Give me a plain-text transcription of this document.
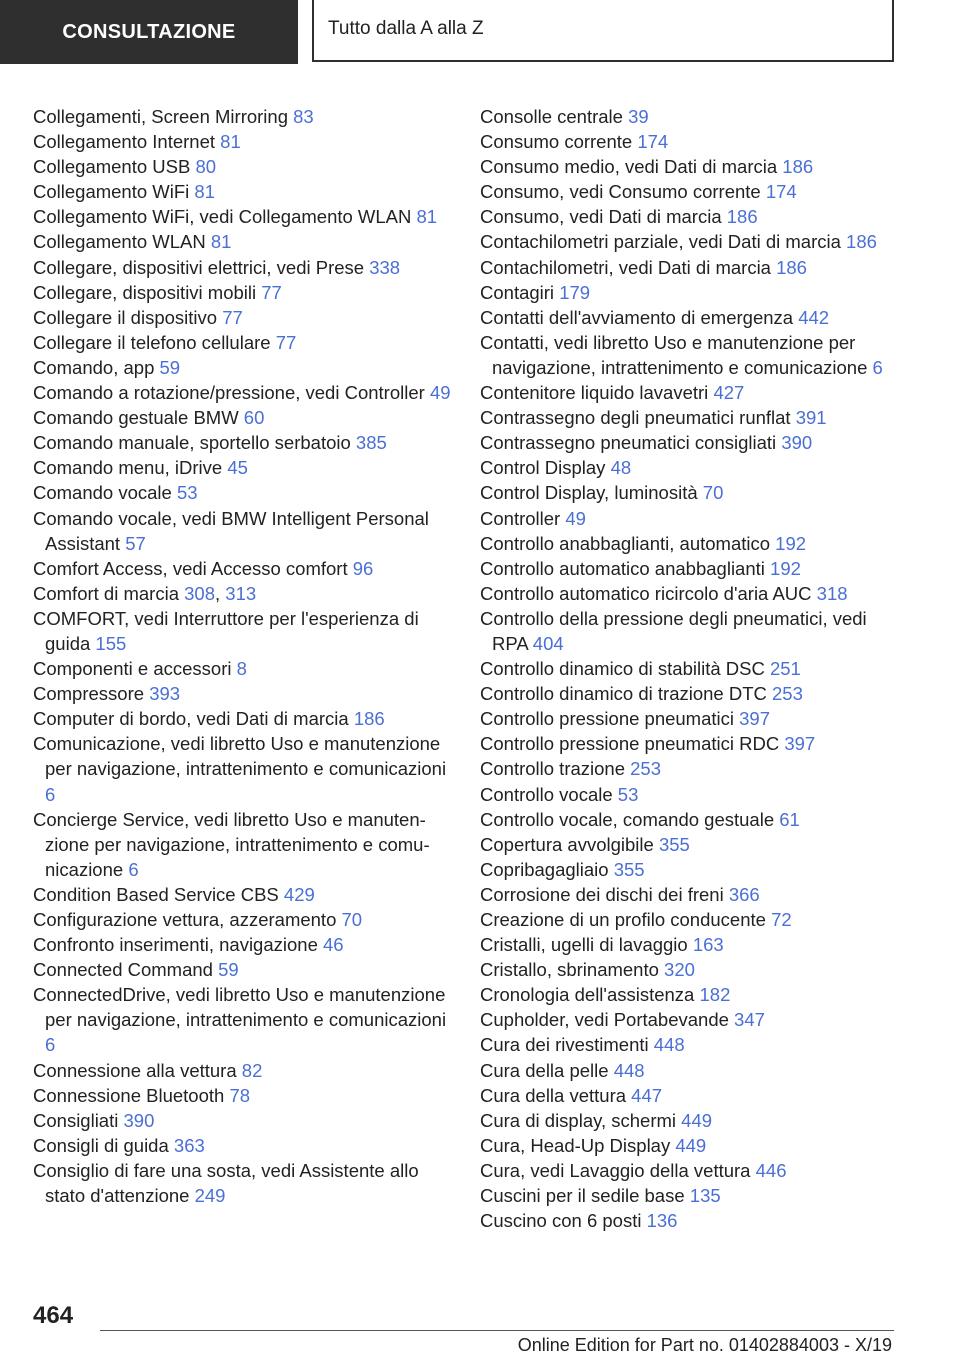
CONSULTAZIONE	Tutto dalla A alla Z
Collegamenti, Screen Mirroring 83
Collegamento Internet 81
Collegamento USB 80
Collegamento WiFi 81
Collegamento WiFi, vedi Collegamento WLAN 81
Collegamento WLAN 81
Collegare, dispositivi elettrici, vedi Prese 338
Collegare, dispositivi mobili 77
Collegare il dispositivo 77
Collegare il telefono cellulare 77
Comando, app 59
Comando a rotazione/pressione, vedi Controller 49
Comando gestuale BMW 60
Comando manuale, sportello serbatoio 385
Comando menu, iDrive 45
Comando vocale 53
Comando vocale, vedi BMW Intelligent Personal Assistant 57
Comfort Access, vedi Accesso comfort 96
Comfort di marcia 308, 313
COMFORT, vedi Interruttore per l'esperienza di guida 155
Componenti e accessori 8
Compressore 393
Computer di bordo, vedi Dati di marcia 186
Comunicazione, vedi libretto Uso e manutenzione per navigazione, intrattenimento e comunicazioni 6
Concierge Service, vedi libretto Uso e manutenzione per navigazione, intrattenimento e comunicazione 6
Condition Based Service CBS 429
Configurazione vettura, azzeramento 70
Confronto inserimenti, navigazione 46
Connected Command 59
ConnectedDrive, vedi libretto Uso e manutenzione per navigazione, intrattenimento e comunicazioni 6
Connessione alla vettura 82
Connessione Bluetooth 78
Consigliati 390
Consigli di guida 363
Consiglio di fare una sosta, vedi Assistente allo stato d'attenzione 249
Consolle centrale 39
Consumo corrente 174
Consumo medio, vedi Dati di marcia 186
Consumo, vedi Consumo corrente 174
Consumo, vedi Dati di marcia 186
Contachilometri parziale, vedi Dati di marcia 186
Contachilometri, vedi Dati di marcia 186
Contagiri 179
Contatti dell'avviamento di emergenza 442
Contatti, vedi libretto Uso e manutenzione per navigazione, intrattenimento e comunicazione 6
Contenitore liquido lavavetri 427
Contrassegno degli pneumatici runflat 391
Contrassegno pneumatici consigliati 390
Control Display 48
Control Display, luminosità 70
Controller 49
Controllo anabbaglianti, automatico 192
Controllo automatico anabbaglianti 192
Controllo automatico ricircolo d'aria AUC 318
Controllo della pressione degli pneumatici, vedi RPA 404
Controllo dinamico di stabilità DSC 251
Controllo dinamico di trazione DTC 253
Controllo pressione pneumatici 397
Controllo pressione pneumatici RDC 397
Controllo trazione 253
Controllo vocale 53
Controllo vocale, comando gestuale 61
Copertura avvolgibile 355
Copribagagliaio 355
Corrosione dei dischi dei freni 366
Creazione di un profilo conducente 72
Cristalli, ugelli di lavaggio 163
Cristallo, sbrinamento 320
Cronologia dell'assistenza 182
Cupholder, vedi Portabevande 347
Cura dei rivestimenti 448
Cura della pelle 448
Cura della vettura 447
Cura di display, schermi 449
Cura, Head-Up Display 449
Cura, vedi Lavaggio della vettura 446
Cuscini per il sedile base 135
Cuscino con 6 posti 136
464
Online Edition for Part no. 01402884003 - X/19
